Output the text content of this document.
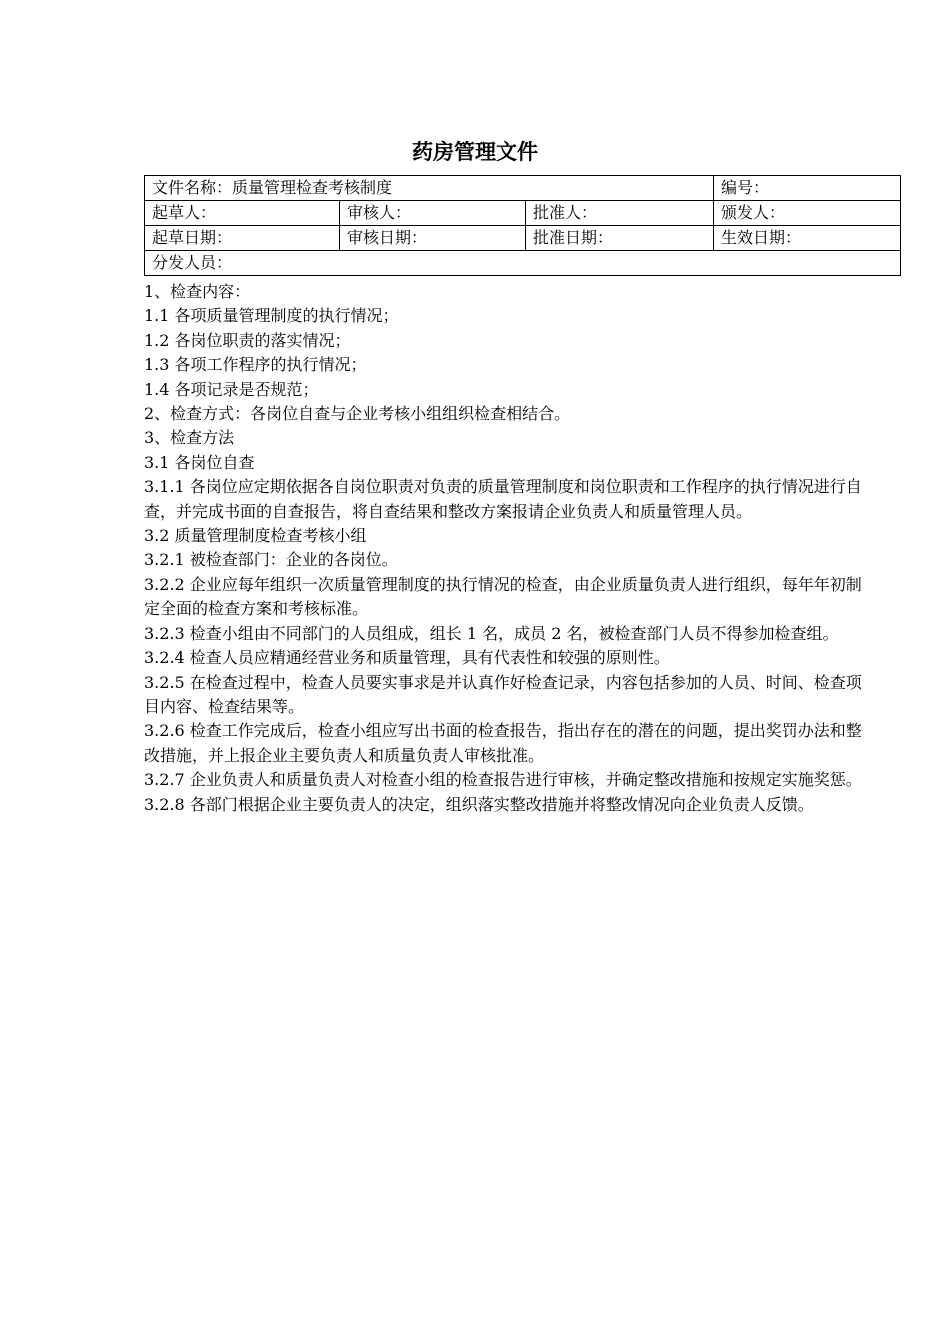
药房管理文件
文件名称：质量管理检查考核制度			编号：
起草人：	审核人：	批准人：	颁发人：
起草日期：	审核日期：	批准日期：	生效日期：
分发人员：			

1、检查内容：

1.1 各项质量管理制度的执行情况；

1.2 各岗位职责的落实情况；

1.3 各项工作程序的执行情况；

1.4 各项记录是否规范；

2、检查方式：各岗位自查与企业考核小组组织检查相结合。

3、检查方法

3.1 各岗位自查

3.1.1 各岗位应定期依据各自岗位职责对负责的质量管理制度和岗位职责和工作程序的执行情况进行自查，并完成书面的自查报告，将自查结果和整改方案报请企业负责人和质量管理人员。

3.2 质量管理制度检查考核小组

3.2.1 被检查部门：企业的各岗位。

3.2.2 企业应每年组织一次质量管理制度的执行情况的检查，由企业质量负责人进行组织，每年年初制定全面的检查方案和考核标准。

3.2.3 检查小组由不同部门的人员组成，组长 1 名，成员 2 名，被检查部门人员不得参加检查组。

3.2.4 检查人员应精通经营业务和质量管理，具有代表性和较强的原则性。

3.2.5 在检查过程中，检查人员要实事求是并认真作好检查记录，内容包括参加的人员、时间、检查项目内容、检查结果等。

3.2.6 检查工作完成后，检查小组应写出书面的检查报告，指出存在的潜在的问题，提出奖罚办法和整改措施，并上报企业主要负责人和质量负责人审核批准。

3.2.7 企业负责人和质量负责人对检查小组的检查报告进行审核，并确定整改措施和按规定实施奖惩。

3.2.8 各部门根据企业主要负责人的决定，组织落实整改措施并将整改情况向企业负责人反馈。
